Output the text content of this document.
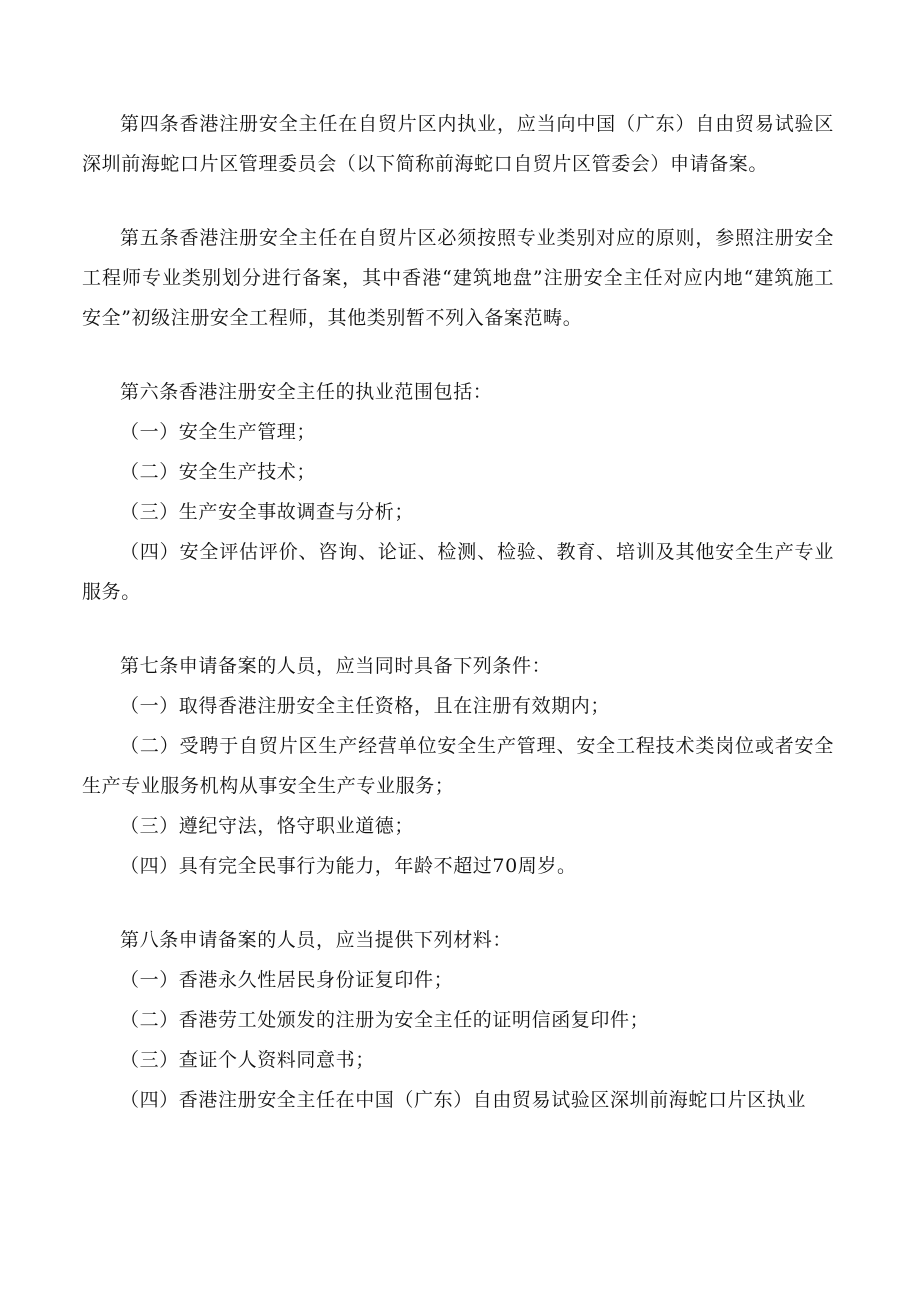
第四条香港注册安全主任在自贸片区内执业，应当向中国（广东）自由贸易试验区深圳前海蛇口片区管理委员会（以下简称前海蛇口自贸片区管委会）申请备案。

第五条香港注册安全主任在自贸片区必须按照专业类别对应的原则，参照注册安全工程师专业类别划分进行备案，其中香港“建筑地盘”注册安全主任对应内地“建筑施工安全”初级注册安全工程师，其他类别暂不列入备案范畴。

第六条香港注册安全主任的执业范围包括：

（一）安全生产管理；

（二）安全生产技术；

（三）生产安全事故调查与分析；

（四）安全评估评价、咨询、论证、检测、检验、教育、培训及其他安全生产专业服务。

第七条申请备案的人员，应当同时具备下列条件：

（一）取得香港注册安全主任资格，且在注册有效期内；

（二）受聘于自贸片区生产经营单位安全生产管理、安全工程技术类岗位或者安全生产专业服务机构从事安全生产专业服务；

（三）遵纪守法，恪守职业道德；

（四）具有完全民事行为能力，年龄不超过70周岁。

第八条申请备案的人员，应当提供下列材料：

（一）香港永久性居民身份证复印件；

（二）香港劳工处颁发的注册为安全主任的证明信函复印件；

（三）查证个人资料同意书；

（四）香港注册安全主任在中国（广东）自由贸易试验区深圳前海蛇口片区执业
